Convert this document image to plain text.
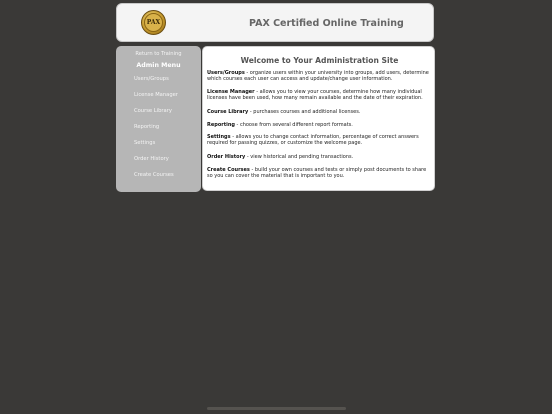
PAX	PAX Certified Online Training
Return to Training
Admin Menu
Users/Groups
License Manager
Course Library
Reporting
Settings
Order History
Create Courses
Welcome to Your Administration Site
Users/Groups - organize users within your university into groups, add users, determine which courses each user can access and update/change user information.
License Manager - allows you to view your courses, determine how many individual licenses have been used, how many remain available and the date of their expiration.
Course Library - purchases courses and additional licenses.
Reporting - choose from several different report formats.
Settings - allows you to change contact information, percentage of correct answers required for passing quizzes, or customize the welcome page.
Order History - view historical and pending transactions.
Create Courses - build your own courses and tests or simply post documents to share so you can cover the material that is important to you.
